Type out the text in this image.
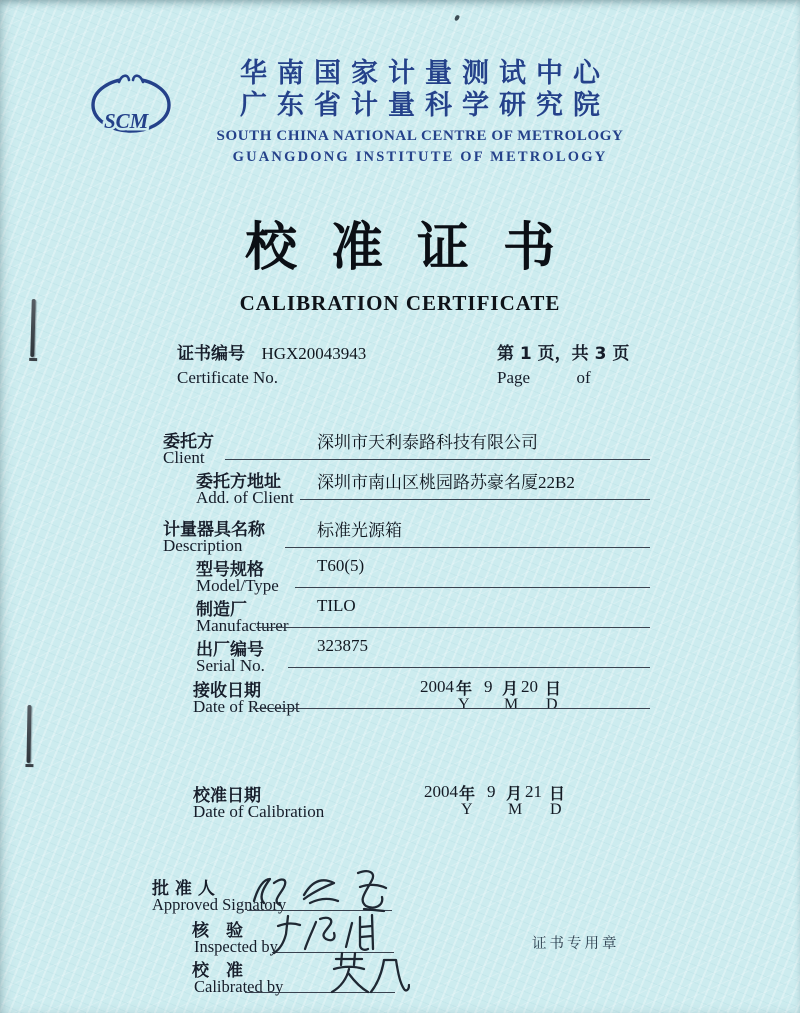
SCM
华南国家计量测试中心
广东省计量科学研究院
SOUTH CHINA NATIONAL CENTRE OF METROLOGY
GUANGDONG INSTITUTE OF METROLOGY
校准证书
CALIBRATION CERTIFICATE
证书编号 HGX20043943
Certificate No.
第 1 页，共 3 页
Page	of
委托方
Client
深圳市天利泰路科技有限公司
委托方地址
Add. of Client
深圳市南山区桃园路苏豪名厦22B2
计量器具名称
Description
标准光源箱
型号规格
Model/Type
T60(5)
制造厂
Manufacturer
TILO
出厂编号
Serial No.
323875
接收日期
Date of Receipt
2004 年 9 月 20 日
Y M D
校准日期
Date of Calibration
2004 年 9 月 21 日
Y M D
批 准 人
Approved Signatory
核　验
Inspected by
校　准
Calibrated by
证书专用章
